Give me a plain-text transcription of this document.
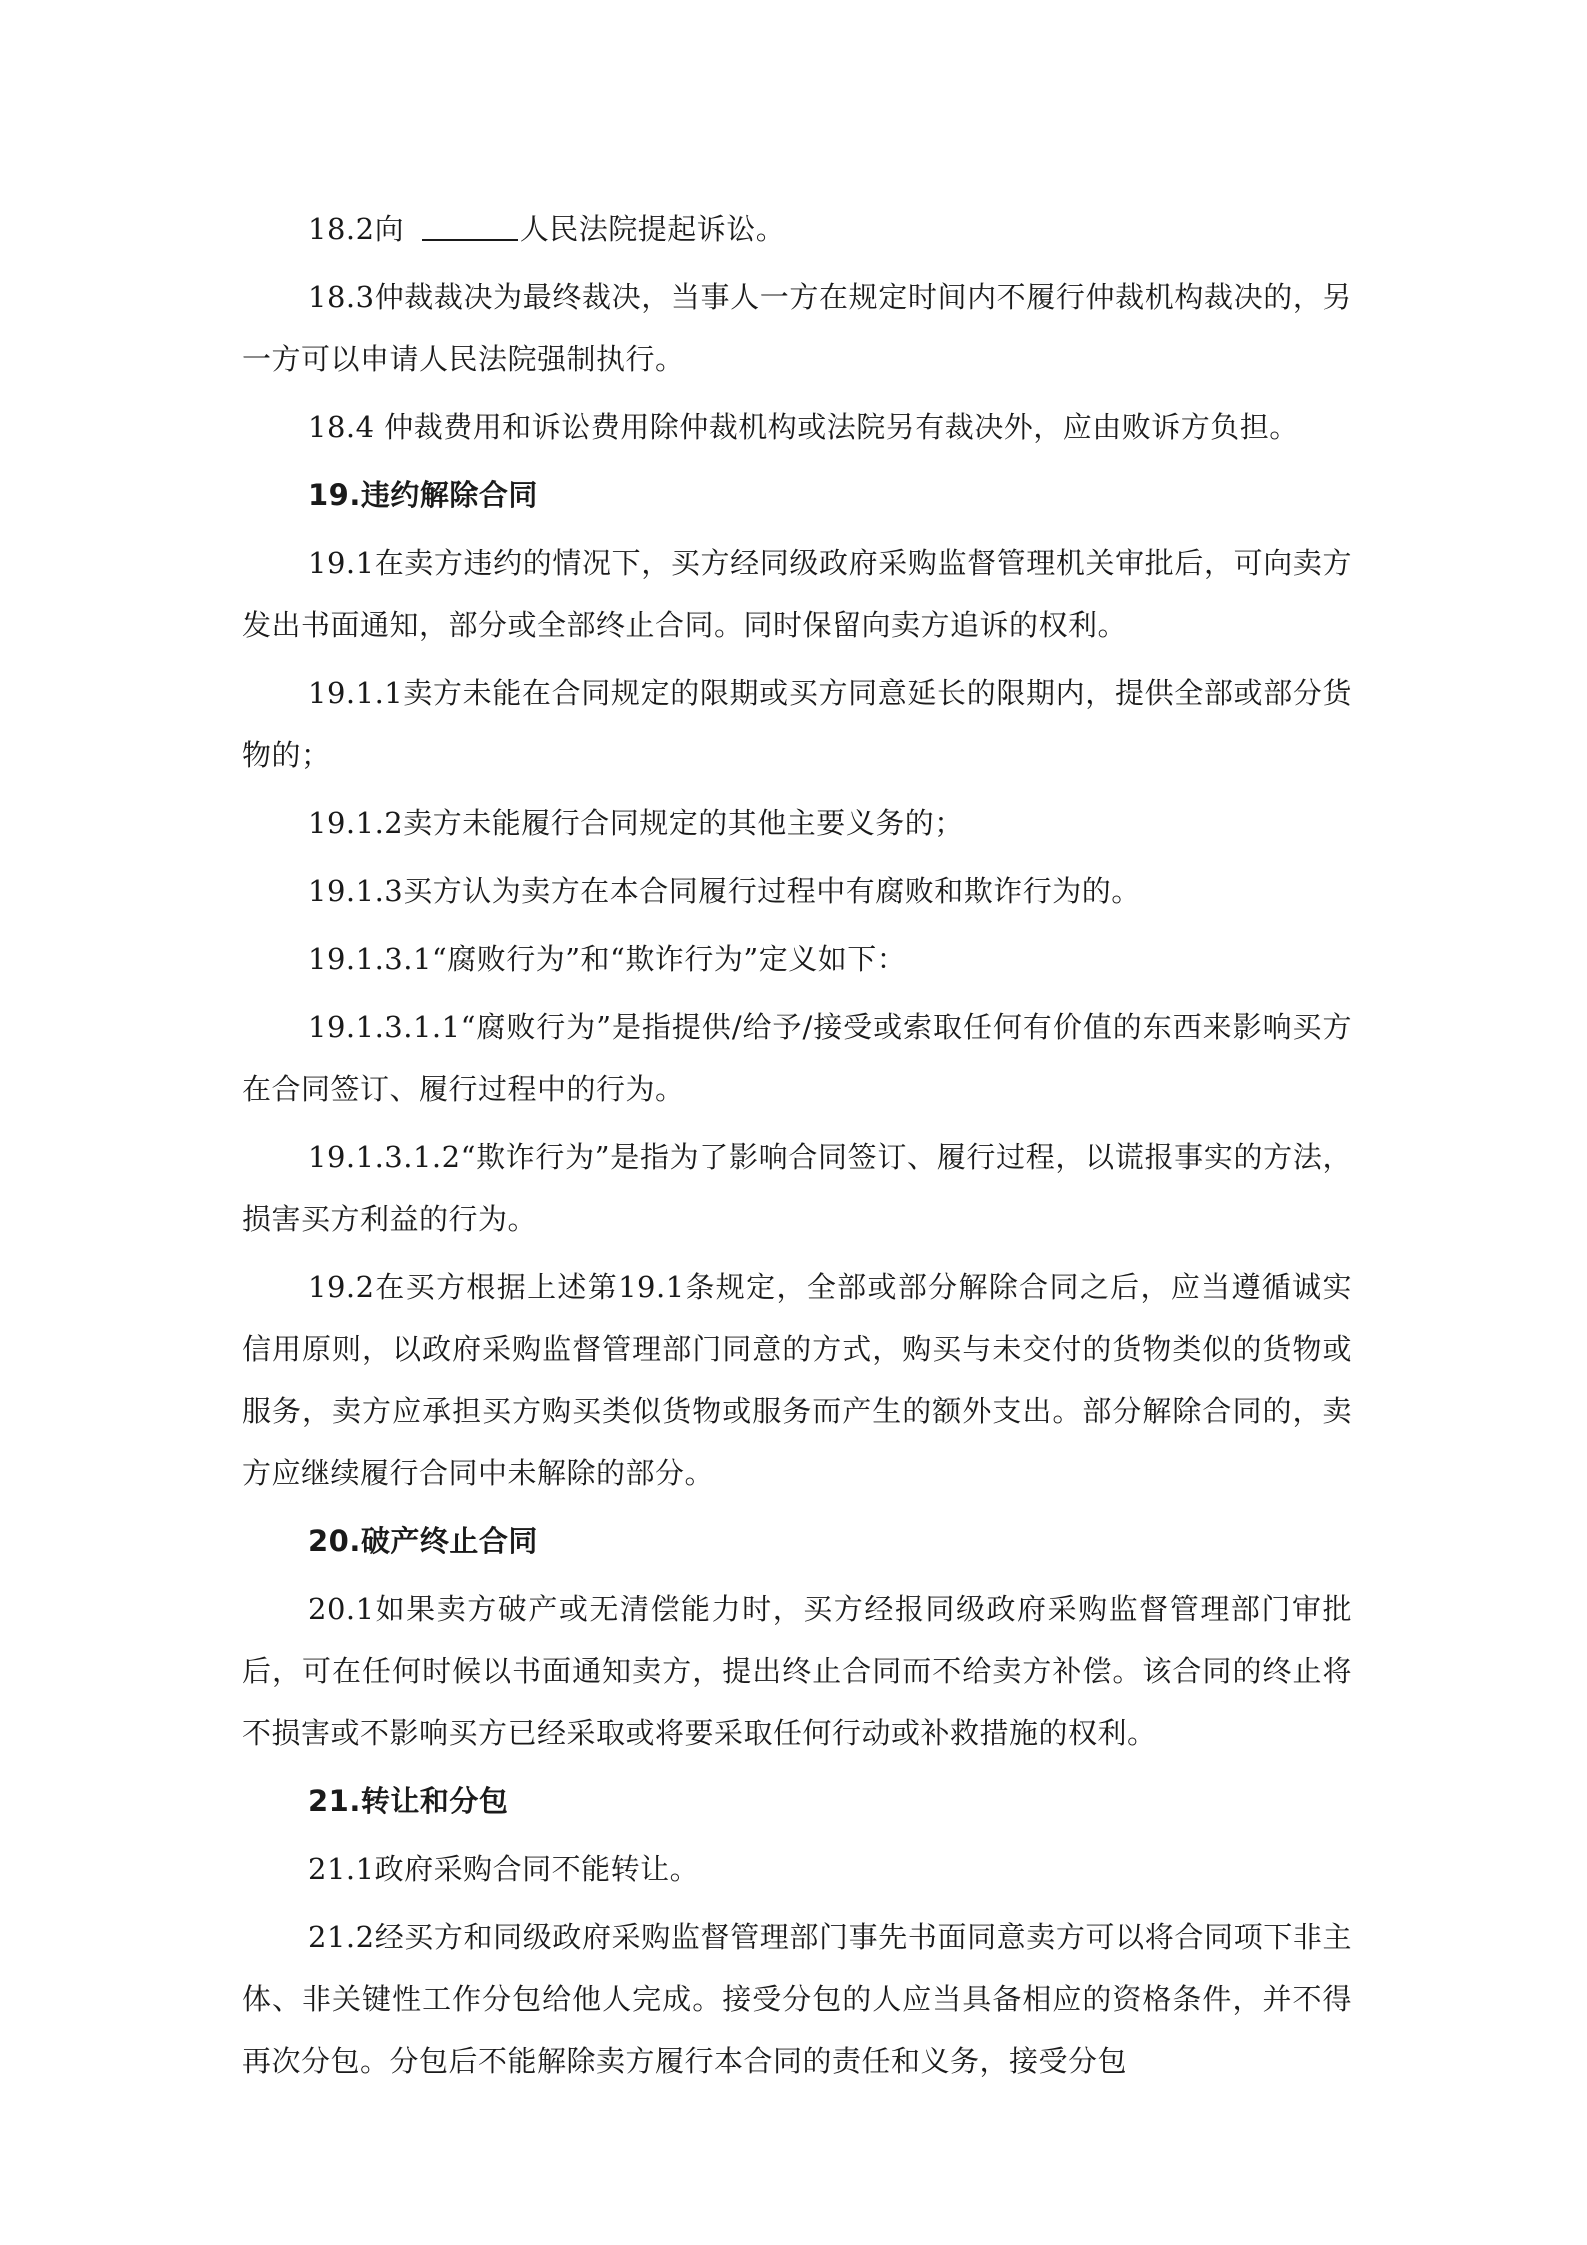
18.2向	人民法院提起诉讼。

18.3仲裁裁决为最终裁决，当事人一方在规定时间内不履行仲裁机构裁决的，另一方可以申请人民法院强制执行。

18.4 仲裁费用和诉讼费用除仲裁机构或法院另有裁决外，应由败诉方负担。

19.违约解除合同

19.1在卖方违约的情况下，买方经同级政府采购监督管理机关审批后，可向卖方发出书面通知，部分或全部终止合同。同时保留向卖方追诉的权利。

19.1.1卖方未能在合同规定的限期或买方同意延长的限期内，提供全部或部分货物的；

19.1.2卖方未能履行合同规定的其他主要义务的；

19.1.3买方认为卖方在本合同履行过程中有腐败和欺诈行为的。

19.1.3.1“腐败行为”和“欺诈行为”定义如下：

19.1.3.1.1“腐败行为”是指提供/给予/接受或索取任何有价值的东西来影响买方在合同签订、履行过程中的行为。

19.1.3.1.2“欺诈行为”是指为了影响合同签订、履行过程，以谎报事实的方法，损害买方利益的行为。

19.2在买方根据上述第19.1条规定，全部或部分解除合同之后，应当遵循诚实信用原则，以政府采购监督管理部门同意的方式，购买与未交付的货物类似的货物或服务，卖方应承担买方购买类似货物或服务而产生的额外支出。部分解除合同的，卖方应继续履行合同中未解除的部分。

20.破产终止合同

20.1如果卖方破产或无清偿能力时，买方经报同级政府采购监督管理部门审批后，可在任何时候以书面通知卖方，提出终止合同而不给卖方补偿。该合同的终止将不损害或不影响买方已经采取或将要采取任何行动或补救措施的权利。

21.转让和分包

21.1政府采购合同不能转让。

21.2经买方和同级政府采购监督管理部门事先书面同意卖方可以将合同项下非主体、非关键性工作分包给他人完成。接受分包的人应当具备相应的资格条件，并不得再次分包。分包后不能解除卖方履行本合同的责任和义务，接受分包
